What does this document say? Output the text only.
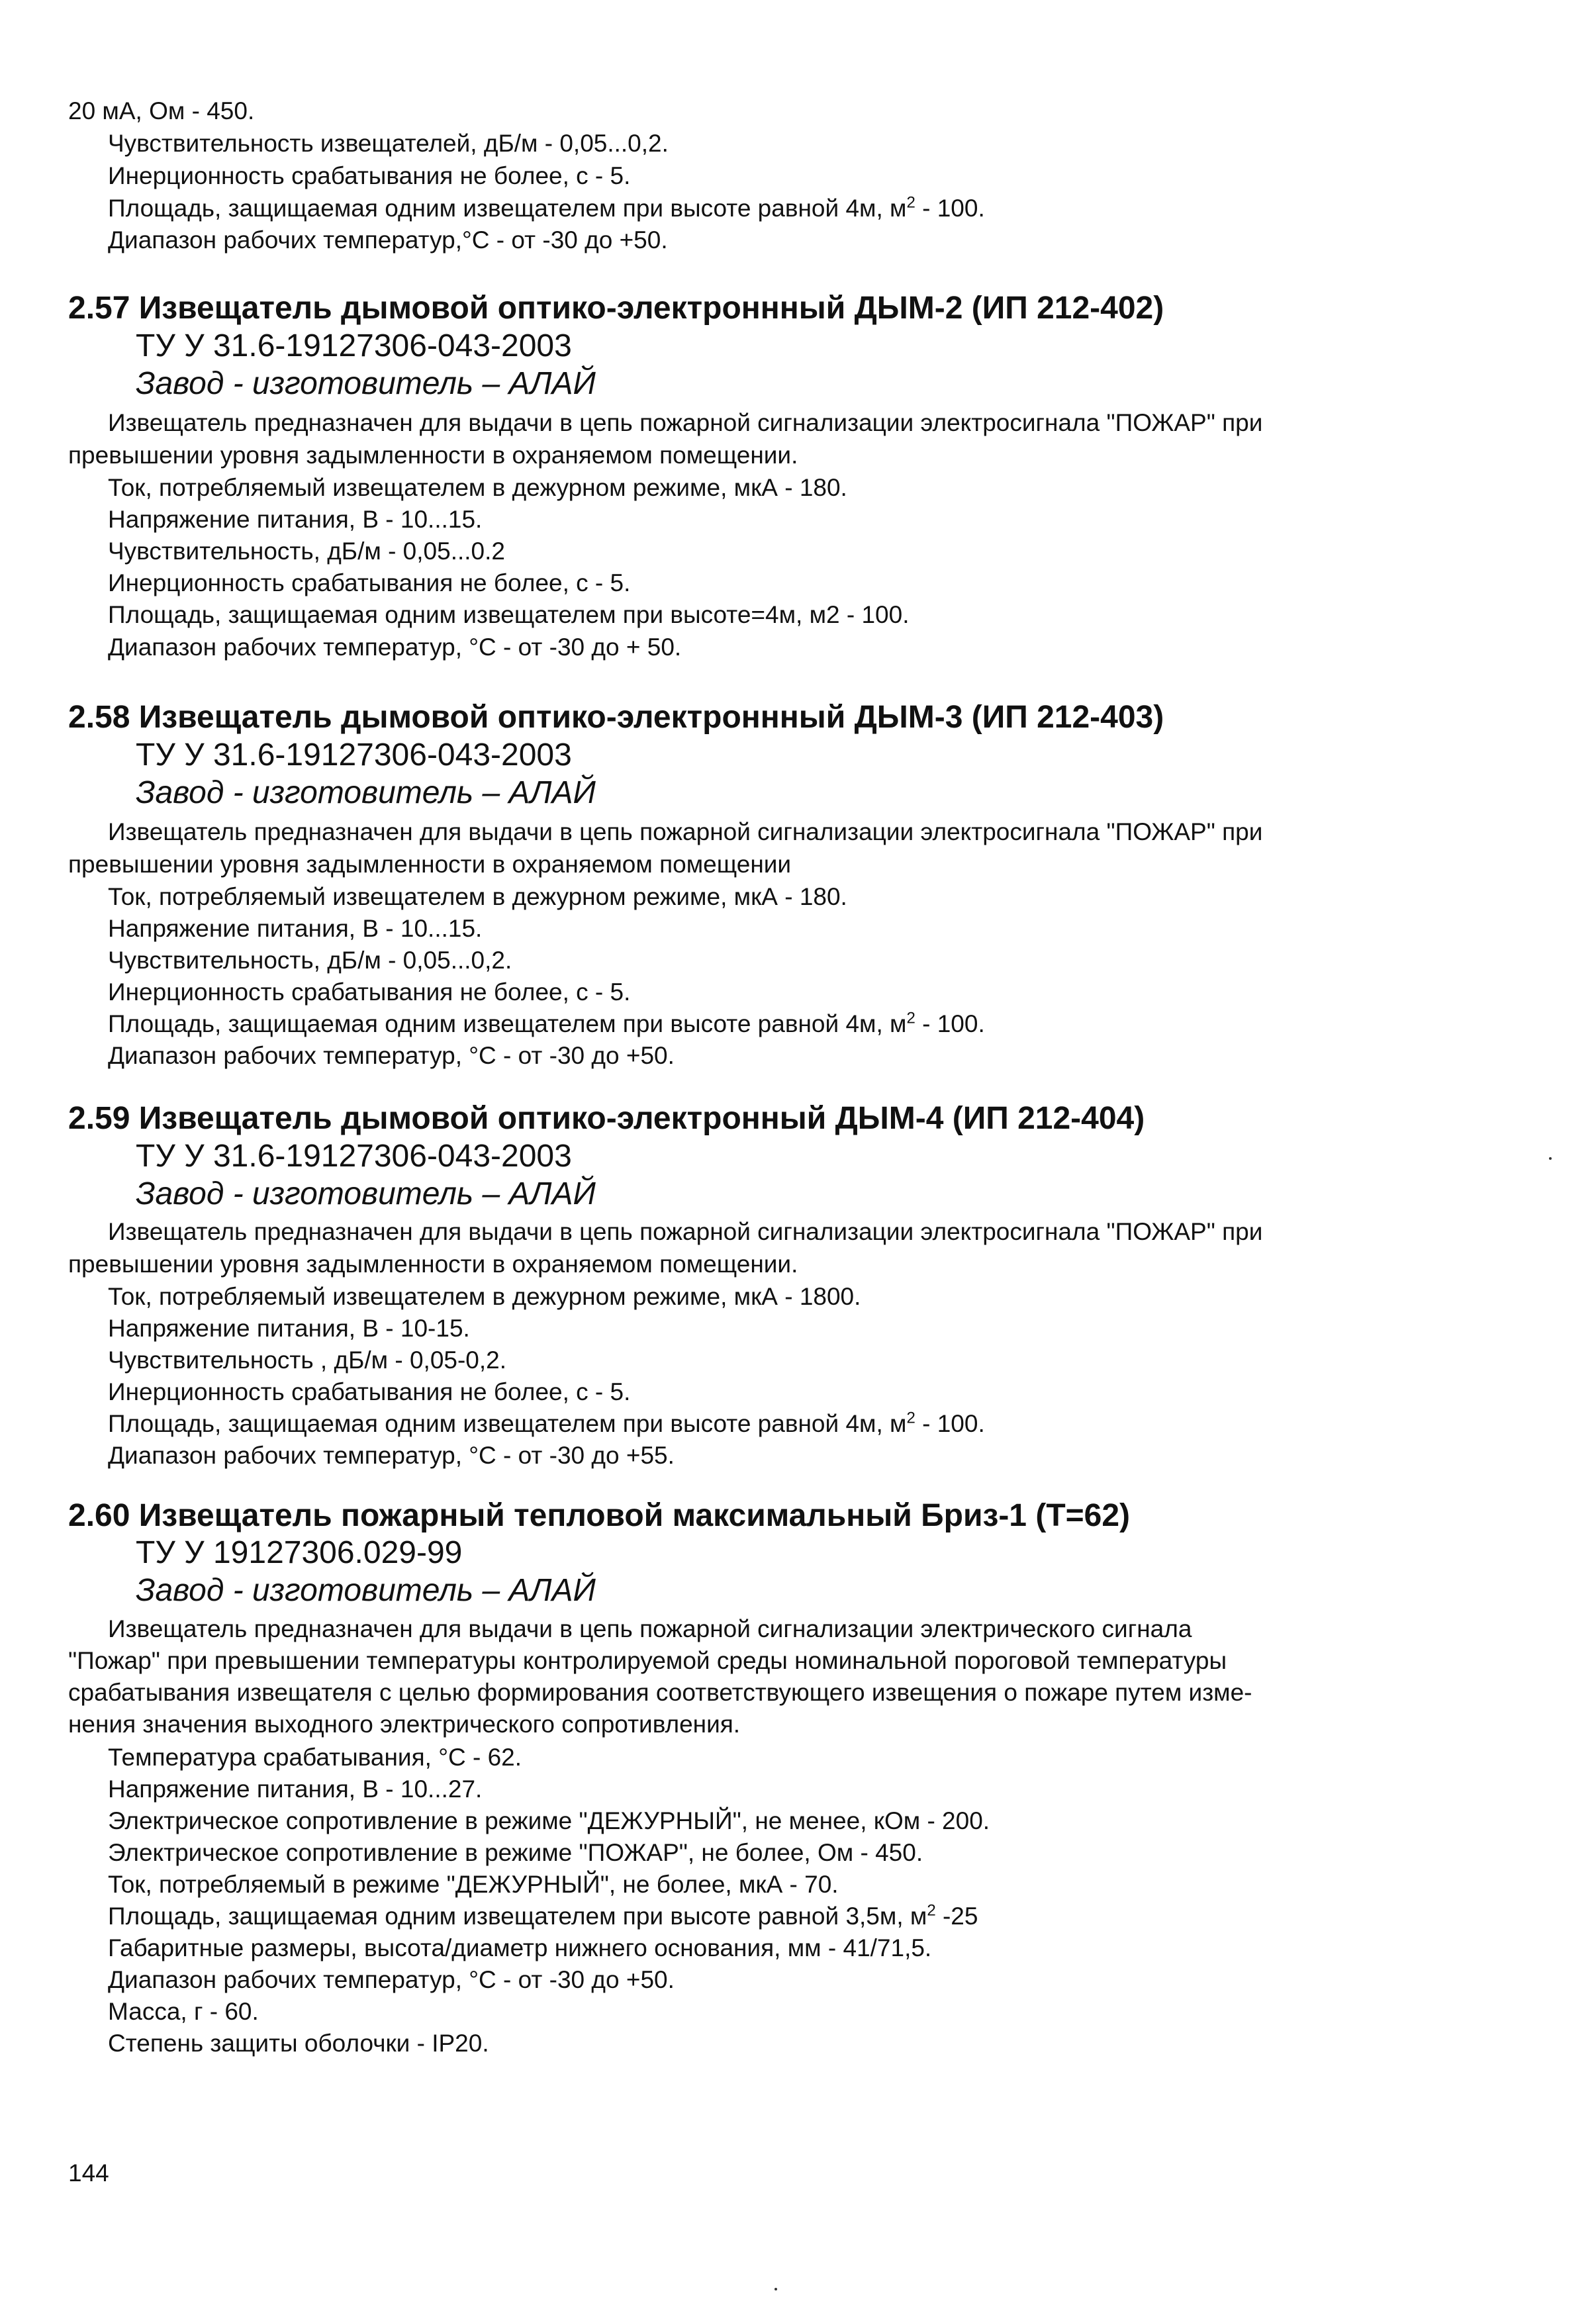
20 мА, Ом - 450.
Чувствительность извещателей, дБ/м - 0,05...0,2.
Инерционность срабатывания не более, с - 5.
Площадь, защищаемая одним извещателем при высоте равной 4м, $м^2 - 100$.
Диапазон рабочих температур,°С - от -30 до +50.
2.57 Извещатель дымовой оптико-электроннный ДЫМ-2 (ИП 212-402)
ТУ У 31.6-19127306-043-2003
Завод - изготовитель – АЛАЙ
Извещатель предназначен для выдачи в цепь пожарной сигнализации электросигнала "ПОЖАР" при
превышении уровня задымленности в охраняемом помещении.
Ток, потребляемый извещателем в дежурном режиме, мкА - 180.
Напряжение питания, В - 10...15.
Чувствительность, дБ/м - 0,05...0.2
Инерционность срабатывания не более, с - 5.
Площадь, защищаемая одним извещателем при высоте=4м, м2 - 100.
Диапазон рабочих температур, °С - от -30 до + 50.
2.58 Извещатель дымовой оптико-электроннный ДЫМ-3 (ИП 212-403)
ТУ У 31.6-19127306-043-2003
Завод - изготовитель – АЛАЙ
Извещатель предназначен для выдачи в цепь пожарной сигнализации электросигнала "ПОЖАР" при
превышении уровня задымленности в охраняемом помещении
Ток, потребляемый извещателем в дежурном режиме, мкА - 180.
Напряжение питания, В - 10...15.
Чувствительность, дБ/м - 0,05...0,2.
Инерционность срабатывания не более, с - 5.
Площадь, защищаемая одним извещателем при высоте равной 4м, $м^2 - 100$.
Диапазон рабочих температур, °С - от -30 до +50.
2.59 Извещатель дымовой оптико-электронный ДЫМ-4 (ИП 212-404)
ТУ У 31.6-19127306-043-2003
Завод - изготовитель – АЛАЙ
Извещатель предназначен для выдачи в цепь пожарной сигнализации электросигнала "ПОЖАР" при
превышении уровня задымленности в охраняемом помещении.
Ток, потребляемый извещателем в дежурном режиме, мкА - 1800.
Напряжение питания, В - 10-15.
Чувствительность , дБ/м - 0,05-0,2.
Инерционность срабатывания не более, с - 5.
Площадь, защищаемая одним извещателем при высоте равной 4м, $м^2 - 100$.
Диапазон рабочих температур, °С - от -30 до +55.
2.60 Извещатель пожарный тепловой максимальный Бриз-1 (Т=62)
ТУ У 19127306.029-99
Завод - изготовитель – АЛАЙ
Извещатель предназначен для выдачи в цепь пожарной сигнализации электрического сигнала
"Пожар" при превышении температуры контролируемой среды номинальной пороговой температуры
срабатывания извещателя с целью формирования соответствующего извещения о пожаре путем изме-
нения значения выходного электрического сопротивления.
Температура срабатывания, °С - 62.
Напряжение питания, В - 10...27.
Электрическое сопротивление в режиме "ДЕЖУРНЫЙ", не менее, кОм - 200.
Электрическое сопротивление в режиме "ПОЖАР", не более, Ом - 450.
Ток, потребляемый в режиме "ДЕЖУРНЫЙ", не более, мкА - 70.
Площадь, защищаемая одним извещателем при высоте равной 3,5м, $м^2$ -25
Габаритные размеры, высота/диаметр нижнего основания, мм - 41/71,5.
Диапазон рабочих температур, °С - от -30 до +50.
Масса, г - 60.
Степень защиты оболочки - IP20.
144
